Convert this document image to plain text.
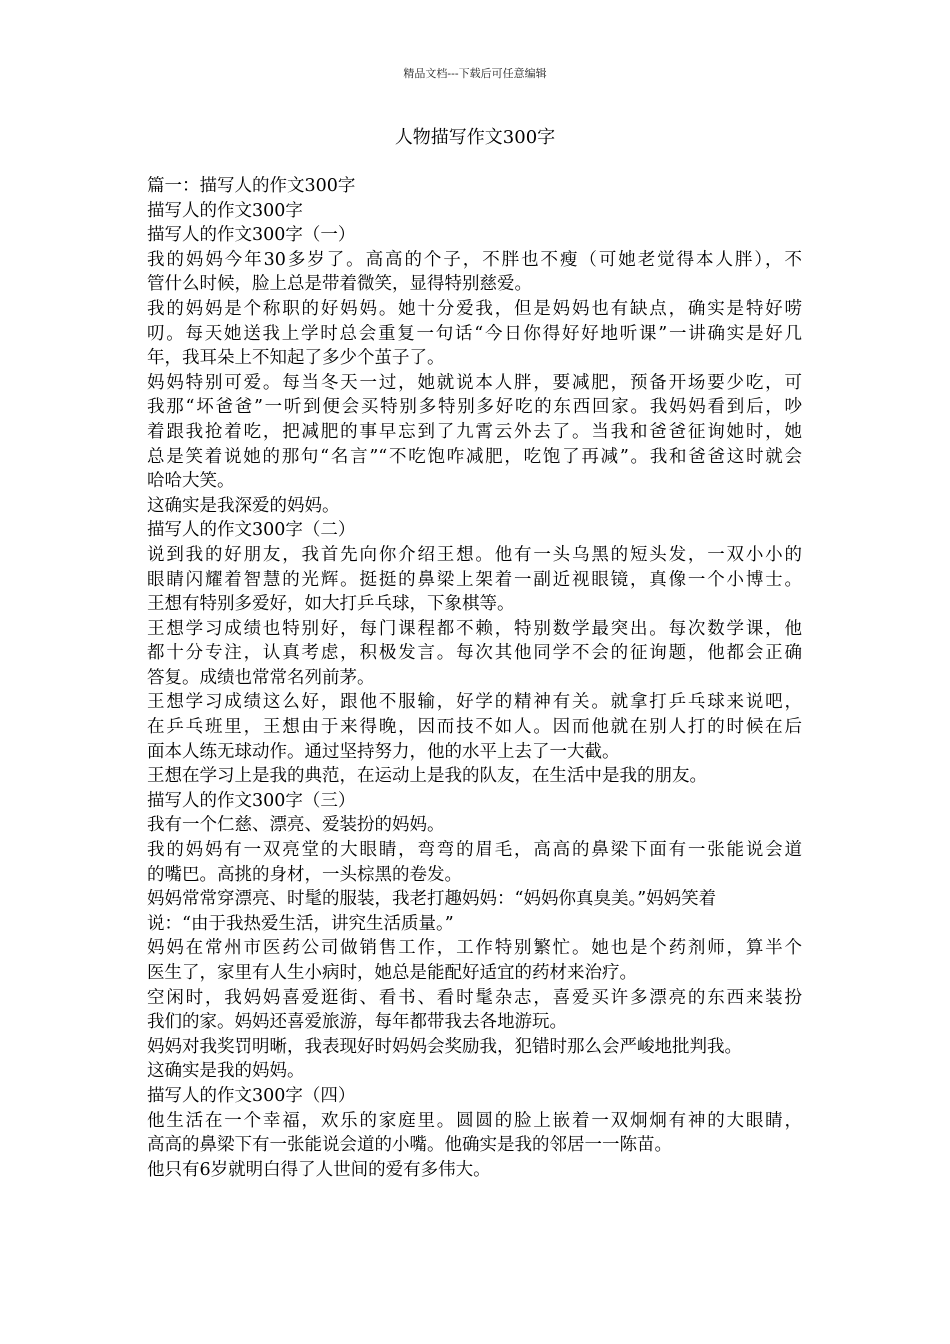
精品文档---下载后可任意编辑
人物描写作文300字
篇一：描写人的作文300字
描写人的作文300字
描写人的作文300字（一）
我的妈妈今年30多岁了。高高的个子，不胖也不瘦（可她老觉得本人胖），不
管什么时候，脸上总是带着微笑，显得特别慈爱。
我的妈妈是个称职的好妈妈。她十分爱我，但是妈妈也有缺点，确实是特好唠
叨。每天她送我上学时总会重复一句话“今日你得好好地听课”一讲确实是好几
年，我耳朵上不知起了多少个茧子了。
妈妈特别可爱。每当冬天一过，她就说本人胖，要减肥，预备开场要少吃，可
我那“坏爸爸”一听到便会买特别多特别多好吃的东西回家。我妈妈看到后，吵
着跟我抢着吃，把减肥的事早忘到了九霄云外去了。当我和爸爸征询她时，她
总是笑着说她的那句“名言”“不吃饱咋减肥，吃饱了再减”。我和爸爸这时就会
哈哈大笑。
这确实是我深爱的妈妈。
描写人的作文300字（二）
说到我的好朋友，我首先向你介绍王想。他有一头乌黑的短头发，一双小小的
眼睛闪耀着智慧的光辉。挺挺的鼻梁上架着一副近视眼镜，真像一个小博士。
王想有特别多爱好，如大打乒乓球，下象棋等。
王想学习成绩也特别好，每门课程都不赖，特别数学最突出。每次数学课，他
都十分专注，认真考虑，积极发言。每次其他同学不会的征询题，他都会正确
答复。成绩也常常名列前茅。
王想学习成绩这么好，跟他不服输，好学的精神有关。就拿打乒乓球来说吧，
在乒乓班里，王想由于来得晚，因而技不如人。因而他就在别人打的时候在后
面本人练无球动作。通过坚持努力，他的水平上去了一大截。
王想在学习上是我的典范，在运动上是我的队友，在生活中是我的朋友。
描写人的作文300字（三）
我有一个仁慈、漂亮、爱装扮的妈妈。
我的妈妈有一双亮堂的大眼睛，弯弯的眉毛，高高的鼻梁下面有一张能说会道
的嘴巴。高挑的身材，一头棕黑的卷发。
妈妈常常穿漂亮、时髦的服装，我老打趣妈妈：“妈妈你真臭美。”妈妈笑着
说：“由于我热爱生活，讲究生活质量。”
妈妈在常州市医药公司做销售工作，工作特别繁忙。她也是个药剂师，算半个
医生了，家里有人生小病时，她总是能配好适宜的药材来治疗。
空闲时，我妈妈喜爱逛街、看书、看时髦杂志，喜爱买许多漂亮的东西来装扮
我们的家。妈妈还喜爱旅游，每年都带我去各地游玩。
妈妈对我奖罚明晰，我表现好时妈妈会奖励我，犯错时那么会严峻地批判我。
这确实是我的妈妈。
描写人的作文300字（四）
他生活在一个幸福，欢乐的家庭里。圆圆的脸上嵌着一双炯炯有神的大眼睛，
高高的鼻梁下有一张能说会道的小嘴。他确实是我的邻居一一陈苗。
他只有6岁就明白得了人世间的爱有多伟大。
